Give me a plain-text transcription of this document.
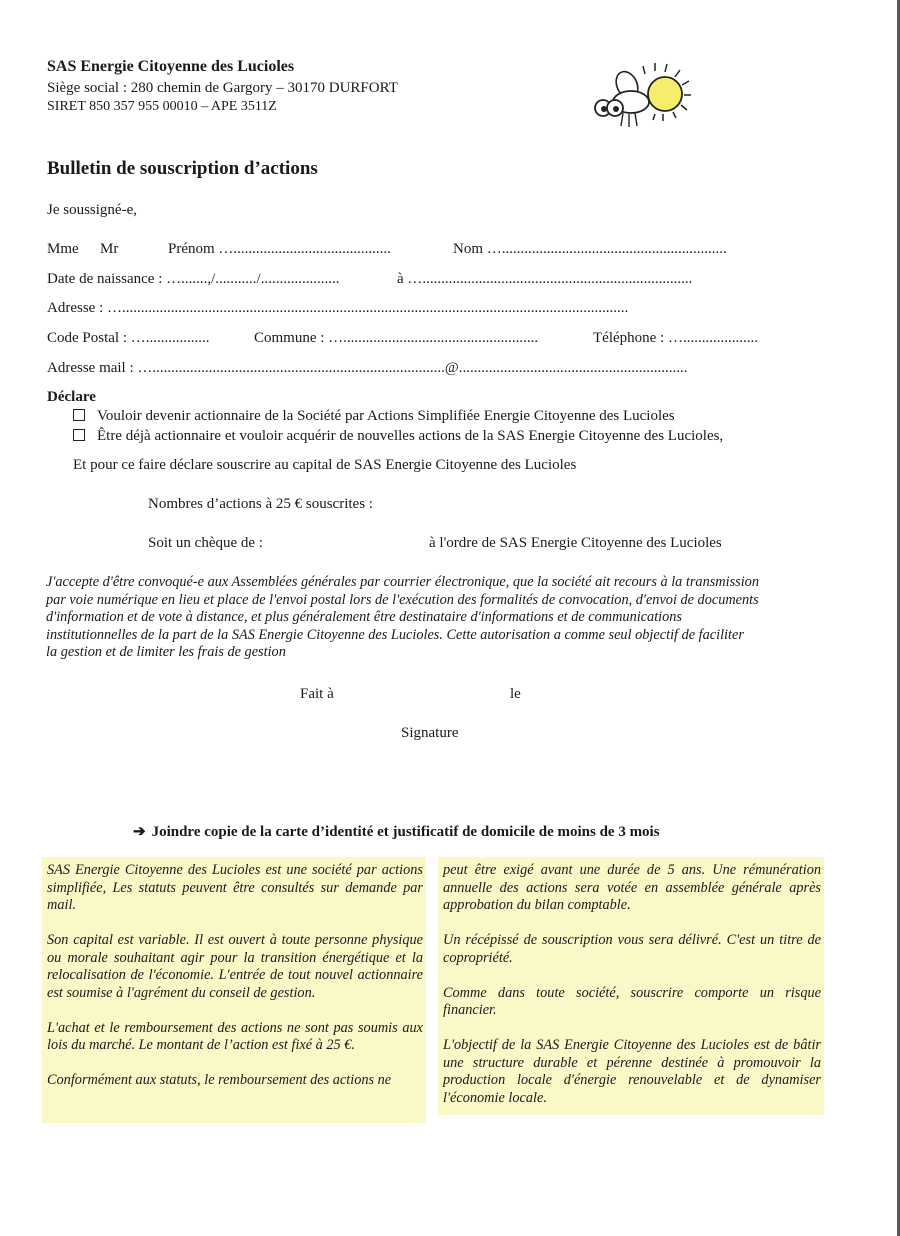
SAS Energie Citoyenne des Lucioles
Siège social : 280 chemin de Gargory – 30170 DURFORT
SIRET 850 357 955 00010 – APE 3511Z
Bulletin de souscription d’actions
Je soussigné-e,
Mme Mr	Prénom …..........................................	Nom …............................................................
Date de naissance : ….......,/.........../.....................	à …........................................................................
Adresse : ….......................................................................................................................................
Code Postal : ….................	Commune : …....................................................	Téléphone : …....................
Adresse mail : …..............................................................................@.............................................................
Déclare
Vouloir devenir actionnaire de la Société par Actions Simplifiée Energie Citoyenne des Lucioles
Être déjà actionnaire et vouloir acquérir de nouvelles actions de la SAS Energie Citoyenne des Lucioles,
Et pour ce faire déclare souscrire au capital de SAS Energie Citoyenne des Lucioles
Nombres d’actions à 25 € souscrites :
Soit un chèque de :	à l'ordre de SAS Energie Citoyenne des Lucioles
J'accepte d'être convoqué-e aux Assemblées générales par courrier électronique, que la société ait recours à la transmission
par voie numérique en lieu et place de l'envoi postal lors de l'exécution des formalités de convocation, d'envoi de documents
d'information et de vote à distance, et plus généralement être destinataire d'informations et de communications
institutionnelles de la part de la SAS Energie Citoyenne des Lucioles. Cette autorisation a comme seul objectif de faciliter
la gestion et de limiter les frais de gestion
Fait à	le
Signature
➔ Joindre copie de la carte d’identité et justificatif de domicile de moins de 3 mois

SAS Energie Citoyenne des Lucioles est une société par actions simplifiée, Les statuts peuvent être consultés sur demande par mail.

Son capital est variable. Il est ouvert à toute personne physique ou morale souhaitant agir pour la transition énergétique et la relocalisation de l'économie. L'entrée de tout nouvel actionnaire est soumise à l'agrément du conseil de gestion.

L'achat et le remboursement des actions ne sont pas soumis aux lois du marché. Le montant de l’action est fixé à 25 €.

Conformément aux statuts, le remboursement des actions ne

peut être exigé avant une durée de 5 ans. Une rémunération annuelle des actions sera votée en assemblée générale après approbation du bilan comptable.

Un récépissé de souscription vous sera délivré. C'est un titre de copropriété.

Comme dans toute société, souscrire comporte un risque financier.

L'objectif de la SAS Energie Citoyenne des Lucioles est de bâtir une structure durable et pérenne destinée à promouvoir la production locale d'énergie renouvelable et de dynamiser l'économie locale.
